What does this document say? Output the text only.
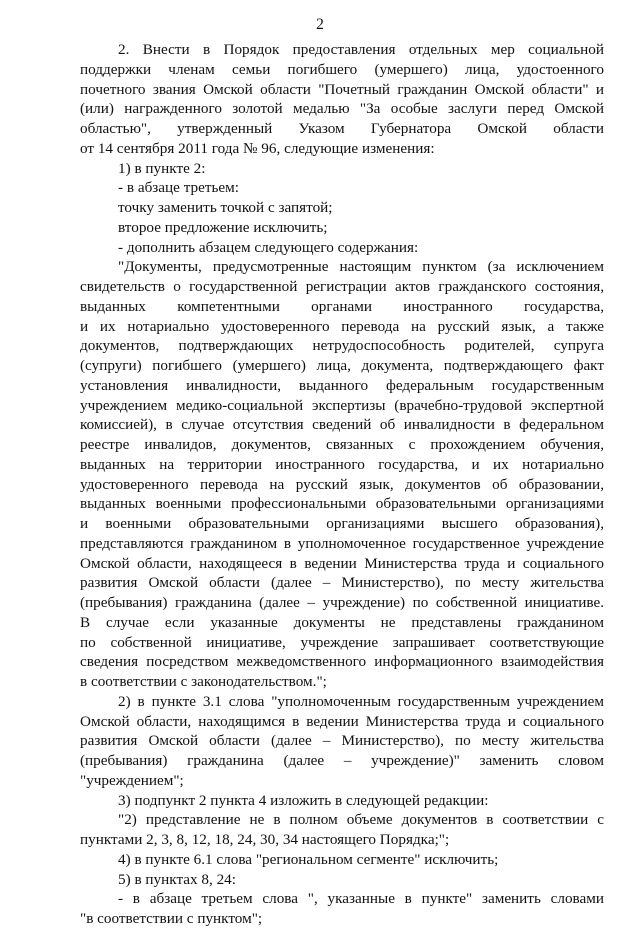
2
2. Внести в Порядок предоставления отдельных мер социальной
поддержки членам семьи погибшего (умершего) лица, удостоенного
почетного звания Омской области "Почетный гражданин Омской области" и
(или) награжденного золотой медалью "За особые заслуги перед Омской
областью", утвержденный Указом Губернатора Омской области
от 14 сентября 2011 года № 96, следующие изменения:
1) в пункте 2:
- в абзаце третьем:
точку заменить точкой с запятой;
второе предложение исключить;
- дополнить абзацем следующего содержания:
"Документы, предусмотренные настоящим пунктом (за исключением
свидетельств о государственной регистрации актов гражданского состояния,
выданных компетентными органами иностранного государства,
и их нотариально удостоверенного перевода на русский язык, а также
документов, подтверждающих нетрудоспособность родителей, супруга
(супруги) погибшего (умершего) лица, документа, подтверждающего факт
установления инвалидности, выданного федеральным государственным
учреждением медико-социальной экспертизы (врачебно-трудовой экспертной
комиссией), в случае отсутствия сведений об инвалидности в федеральном
реестре инвалидов, документов, связанных с прохождением обучения,
выданных на территории иностранного государства, и их нотариально
удостоверенного перевода на русский язык, документов об образовании,
выданных военными профессиональными образовательными организациями
и военными образовательными организациями высшего образования),
представляются гражданином в уполномоченное государственное учреждение
Омской области, находящееся в ведении Министерства труда и социального
развития Омской области (далее – Министерство), по месту жительства
(пребывания) гражданина (далее – учреждение) по собственной инициативе.
В случае если указанные документы не представлены гражданином
по собственной инициативе, учреждение запрашивает соответствующие
сведения посредством межведомственного информационного взаимодействия
в соответствии с законодательством.";
2) в пункте 3.1 слова "уполномоченным государственным учреждением
Омской области, находящимся в ведении Министерства труда и социального
развития Омской области (далее – Министерство), по месту жительства
(пребывания) гражданина (далее – учреждение)" заменить словом
"учреждением";
3) подпункт 2 пункта 4 изложить в следующей редакции:
"2) представление не в полном объеме документов в соответствии с
пунктами 2, 3, 8, 12, 18, 24, 30, 34 настоящего Порядка;";
4) в пункте 6.1 слова "региональном сегменте" исключить;
5) в пунктах 8, 24:
- в абзаце третьем слова ", указанные в пункте" заменить словами
"в соответствии с пунктом";
